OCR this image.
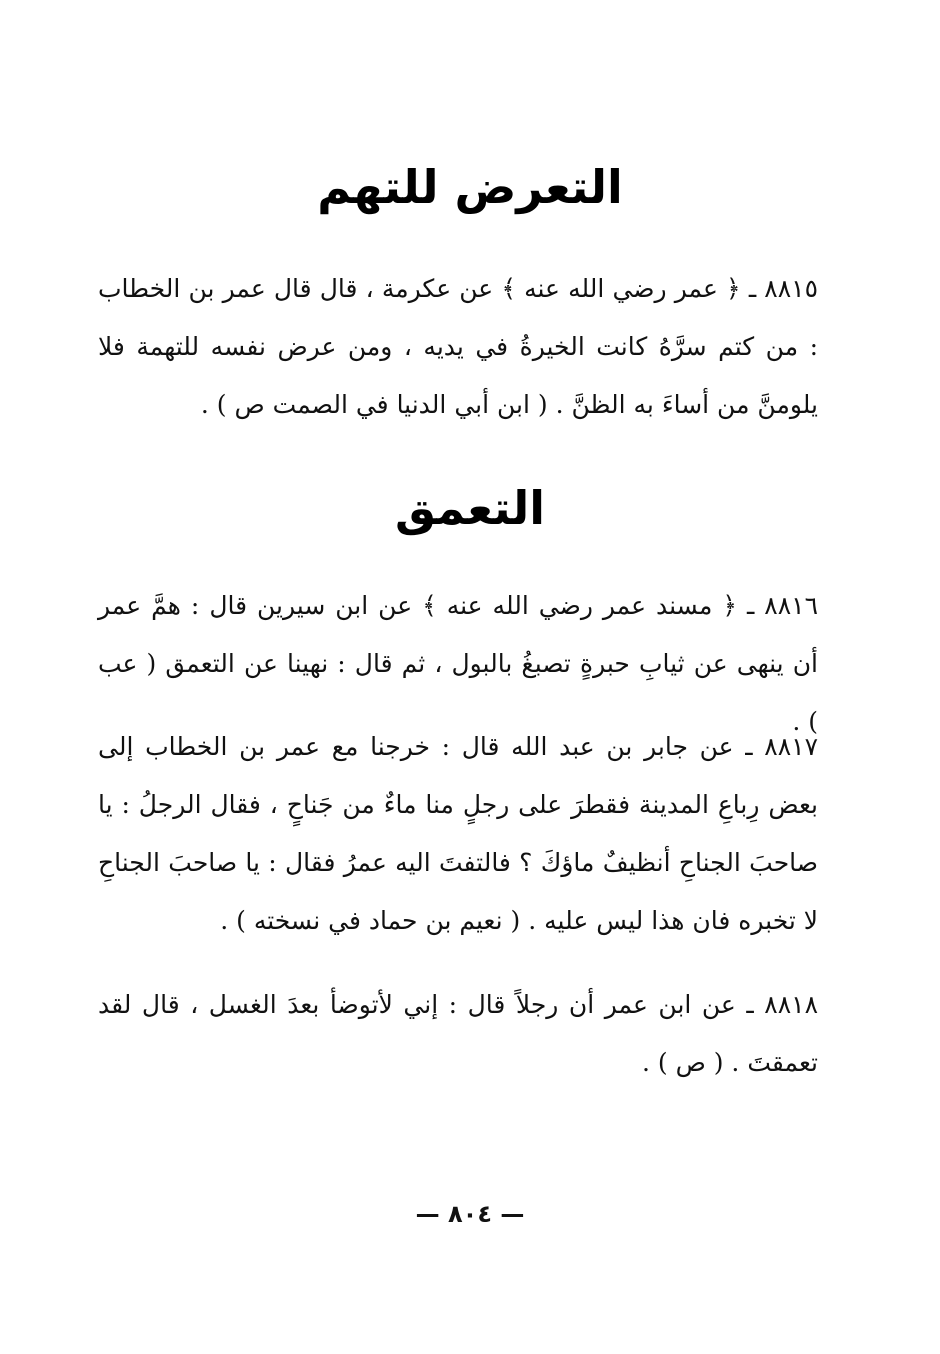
التعرض للتهم

٨٨١٥ ـ ﴿ عمر رضي الله عنه ﴾ عن عكرمة ، قال قال عمر بن الخطاب : من كتم سرَّهُ كانت الخيرةُ في يديه ، ومن عرض نفسه للتهمة فلا يلومنَّ من أساءَ به الظنَّ . ( ابن أبي الدنيا في الصمت ص ) .

التعمق

٨٨١٦ ـ ﴿ مسند عمر رضي الله عنه ﴾ عن ابن سيرين قال : همَّ عمر أن ينهى عن ثيابِ حبرةٍ تصبغُ بالبول ، ثم قال : نهينا عن التعمق ( عب ) .

٨٨١٧ ـ عن جابر بن عبد الله قال : خرجنا مع عمر بن الخطاب إلى بعض رِباعِ المدينة فقطرَ على رجلٍ منا ماءٌ من جَناحٍ ، فقال الرجلُ : يا صاحبَ الجناحِ أنظيفٌ ماؤكَ ؟ فالتفتَ اليه عمرُ فقال : يا صاحبَ الجناحِ لا تخبره فان هذا ليس عليه . ( نعيم بن حماد في نسخته ) .

٨٨١٨ ـ عن ابن عمر أن رجلاً قال : إني لأتوضأ بعدَ الغسل ، قال لقد تعمقتَ . ( ص ) .

— ٨٠٤ —
